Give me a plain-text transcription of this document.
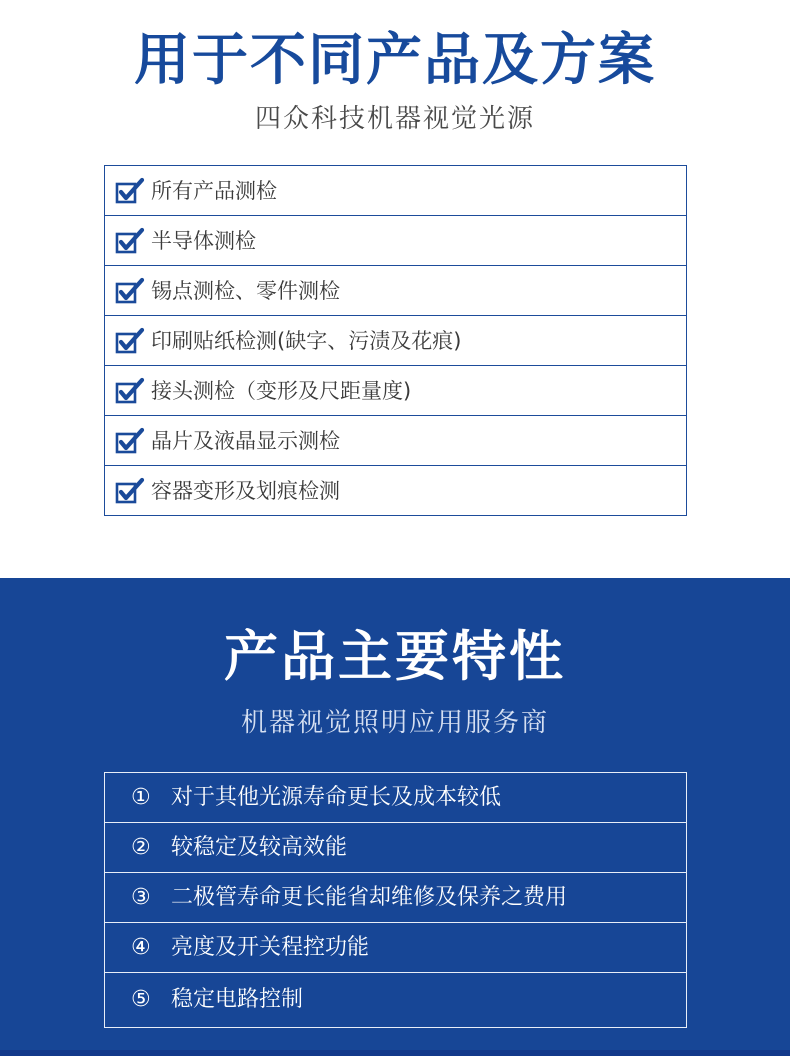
用于不同产品及方案
四众科技机器视觉光源
所有产品测检
半导体测检
锡点测检、零件测检
印刷贴纸检测(缺字、污渍及花痕)
接头测检（变形及尺距量度)
晶片及液晶显示测检
容器变形及划痕检测
产品主要特性
机器视觉照明应用服务商
① 对于其他光源寿命更长及成本较低
② 较稳定及较高效能
③ 二极管寿命更长能省却维修及保养之费用
④ 亮度及开关程控功能
⑤ 稳定电路控制
